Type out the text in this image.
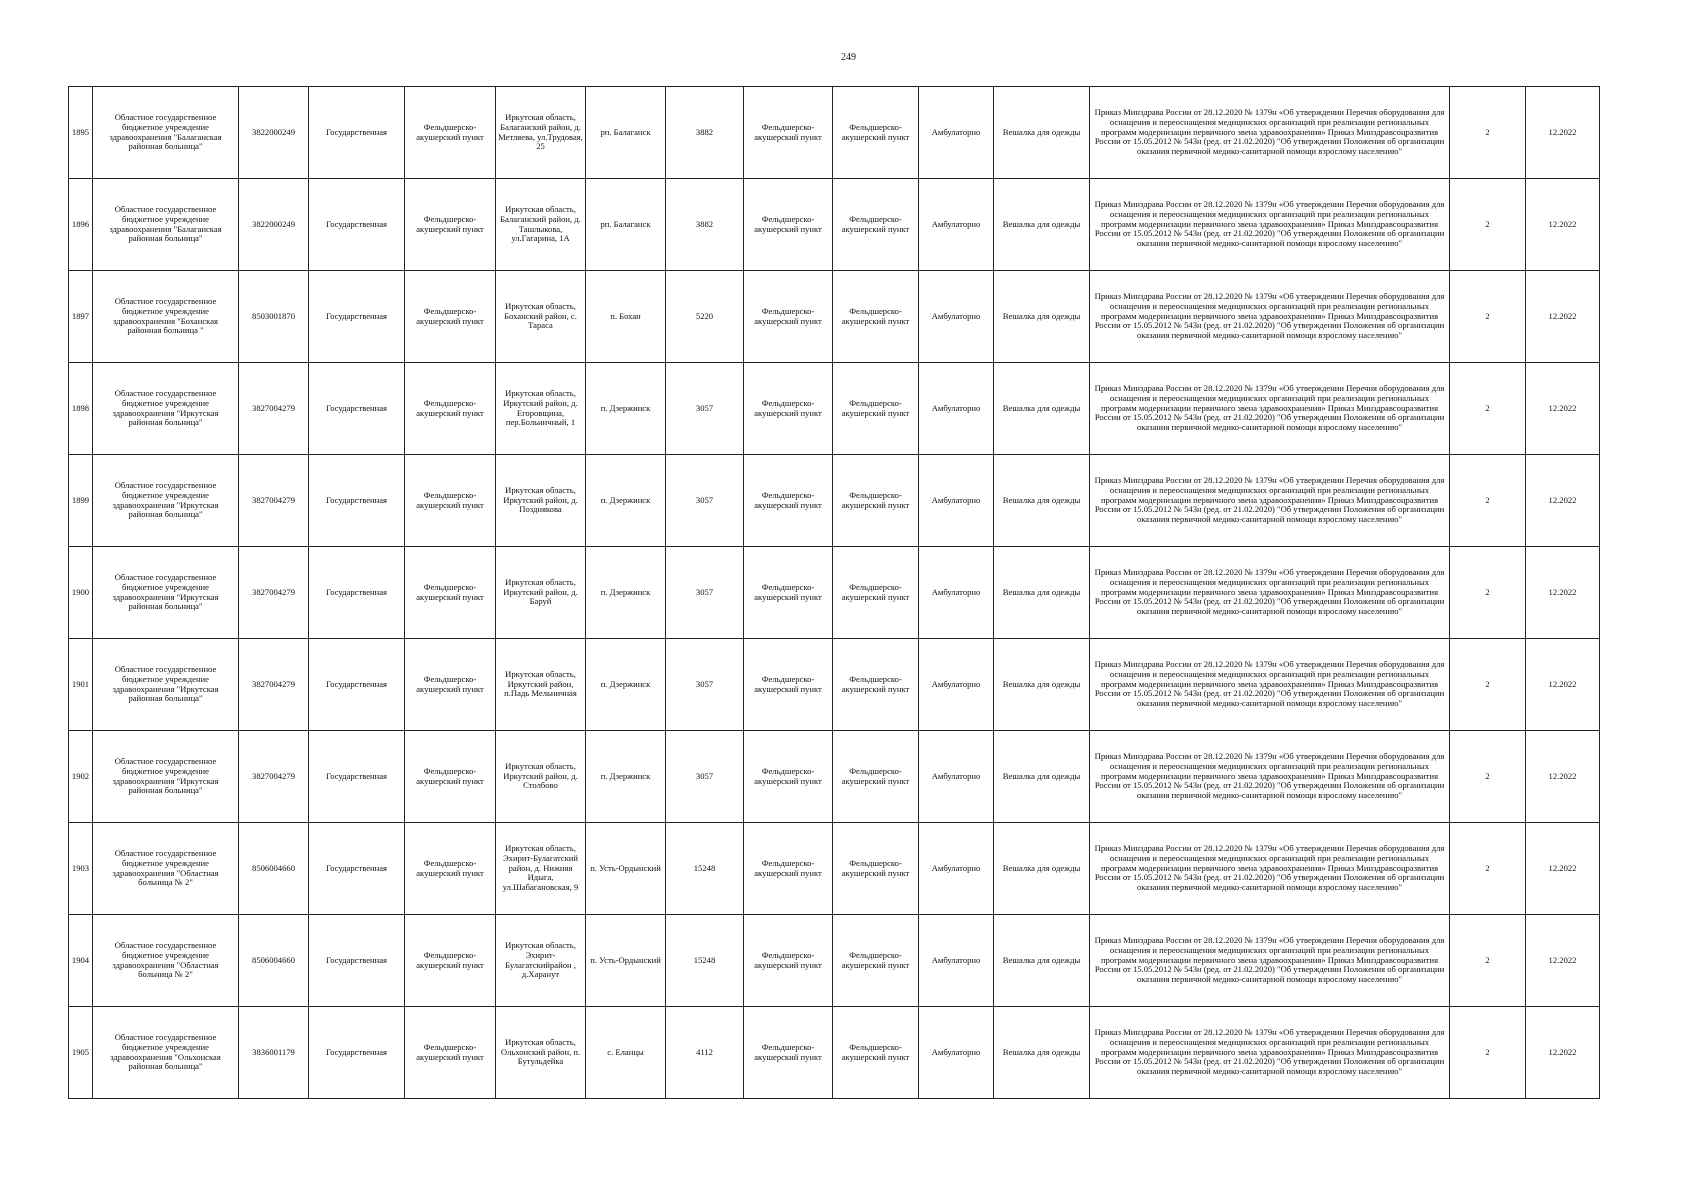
249
1895	Областное государственное бюджетное учреждение здравоохранения "Балаганская районная больница"	3822000249	Государственная	Фельдшерско-акушерский пункт	Иркутская область, Балаганский район, д. Метляева, ул.Трудовая, 25	рп. Балаганск	3882	Фельдшерско-акушерский пункт	Фельдшерско-акушерский пункт	Амбулаторно	Вешалка для одежды	Приказ Минздрава России от 28.12.2020 № 1379н «Об утверждении Перечня оборудования для оснащения и переоснащения медицинских организаций при реализации региональных программ модернизации первичного звена здравоохранения» Приказ Минздравсоцразвития России от 15.05.2012 № 543н (ред. от 21.02.2020) "Об утверждении Положения об организации оказания первичной медико-санитарной помощи взрослому населению"	2	12.2022
1896	Областное государственное бюджетное учреждение здравоохранения "Балаганская районная больница"	3822000249	Государственная	Фельдшерско-акушерский пункт	Иркутская область, Балаганский район, д. Ташлыкова, ул.Гагарина, 1А	рп. Балаганск	3882	Фельдшерско-акушерский пункт	Фельдшерско-акушерский пункт	Амбулаторно	Вешалка для одежды	Приказ Минздрава России от 28.12.2020 № 1379н «Об утверждении Перечня оборудования для оснащения и переоснащения медицинских организаций при реализации региональных программ модернизации первичного звена здравоохранения» Приказ Минздравсоцразвития России от 15.05.2012 № 543н (ред. от 21.02.2020) "Об утверждении Положения об организации оказания первичной медико-санитарной помощи взрослому населению"	2	12.2022
1897	Областное государственное бюджетное учреждение здравоохранения "Боханская районная больница "	8503001870	Государственная	Фельдшерско-акушерский пункт	Иркутская область, Боханский район, с. Тараса	п. Бохан	5220	Фельдшерско-акушерский пункт	Фельдшерско-акушерский пункт	Амбулаторно	Вешалка для одежды	Приказ Минздрава России от 28.12.2020 № 1379н «Об утверждении Перечня оборудования для оснащения и переоснащения медицинских организаций при реализации региональных программ модернизации первичного звена здравоохранения» Приказ Минздравсоцразвития России от 15.05.2012 № 543н (ред. от 21.02.2020) "Об утверждении Положения об организации оказания первичной медико-санитарной помощи взрослому населению"	2	12.2022
1898	Областное государственное бюджетное учреждение здравоохранения "Иркутская районная больница"	3827004279	Государственная	Фельдшерско-акушерский пункт	Иркутская область, Иркутский район, д. Егоровщина, пер.Больничный, 1	п. Дзержинск	3057	Фельдшерско-акушерский пункт	Фельдшерско-акушерский пункт	Амбулаторно	Вешалка для одежды	Приказ Минздрава России от 28.12.2020 № 1379н «Об утверждении Перечня оборудования для оснащения и переоснащения медицинских организаций при реализации региональных программ модернизации первичного звена здравоохранения» Приказ Минздравсоцразвития России от 15.05.2012 № 543н (ред. от 21.02.2020) "Об утверждении Положения об организации оказания первичной медико-санитарной помощи взрослому населению"	2	12.2022
1899	Областное государственное бюджетное учреждение здравоохранения "Иркутская районная больница"	3827004279	Государственная	Фельдшерско-акушерский пункт	Иркутская область, Иркутский район, д. Позднякова	п. Дзержинск	3057	Фельдшерско-акушерский пункт	Фельдшерско-акушерский пункт	Амбулаторно	Вешалка для одежды	Приказ Минздрава России от 28.12.2020 № 1379н «Об утверждении Перечня оборудования для оснащения и переоснащения медицинских организаций при реализации региональных программ модернизации первичного звена здравоохранения» Приказ Минздравсоцразвития России от 15.05.2012 № 543н (ред. от 21.02.2020) "Об утверждении Положения об организации оказания первичной медико-санитарной помощи взрослому населению"	2	12.2022
1900	Областное государственное бюджетное учреждение здравоохранения "Иркутская районная больница"	3827004279	Государственная	Фельдшерско-акушерский пункт	Иркутская область, Иркутский район, д. Баруй	п. Дзержинск	3057	Фельдшерско-акушерский пункт	Фельдшерско-акушерский пункт	Амбулаторно	Вешалка для одежды	Приказ Минздрава России от 28.12.2020 № 1379н «Об утверждении Перечня оборудования для оснащения и переоснащения медицинских организаций при реализации региональных программ модернизации первичного звена здравоохранения» Приказ Минздравсоцразвития России от 15.05.2012 № 543н (ред. от 21.02.2020) "Об утверждении Положения об организации оказания первичной медико-санитарной помощи взрослому населению"	2	12.2022
1901	Областное государственное бюджетное учреждение здравоохранения "Иркутская районная больница"	3827004279	Государственная	Фельдшерско-акушерский пункт	Иркутская область, Иркутский район, п.Падь Мельничная	п. Дзержинск	3057	Фельдшерско-акушерский пункт	Фельдшерско-акушерский пункт	Амбулаторно	Вешалка для одежды	Приказ Минздрава России от 28.12.2020 № 1379н «Об утверждении Перечня оборудования для оснащения и переоснащения медицинских организаций при реализации региональных программ модернизации первичного звена здравоохранения» Приказ Минздравсоцразвития России от 15.05.2012 № 543н (ред. от 21.02.2020) "Об утверждении Положения об организации оказания первичной медико-санитарной помощи взрослому населению"	2	12.2022
1902	Областное государственное бюджетное учреждение здравоохранения "Иркутская районная больница"	3827004279	Государственная	Фельдшерско-акушерский пункт	Иркутская область, Иркутский район, д. Столбово	п. Дзержинск	3057	Фельдшерско-акушерский пункт	Фельдшерско-акушерский пункт	Амбулаторно	Вешалка для одежды	Приказ Минздрава России от 28.12.2020 № 1379н «Об утверждении Перечня оборудования для оснащения и переоснащения медицинских организаций при реализации региональных программ модернизации первичного звена здравоохранения» Приказ Минздравсоцразвития России от 15.05.2012 № 543н (ред. от 21.02.2020) "Об утверждении Положения об организации оказания первичной медико-санитарной помощи взрослому населению"	2	12.2022
1903	Областное государственное бюджетное учреждение здравоохранения "Областная больница № 2"	8506004660	Государственная	Фельдшерско-акушерский пункт	Иркутская область, Эхирит-Булагатский район, д. Нижняя Идыга, ул.Шабагановская, 9	п. Усть-Ордынский	15248	Фельдшерско-акушерский пункт	Фельдшерско-акушерский пункт	Амбулаторно	Вешалка для одежды	Приказ Минздрава России от 28.12.2020 № 1379н «Об утверждении Перечня оборудования для оснащения и переоснащения медицинских организаций при реализации региональных программ модернизации первичного звена здравоохранения» Приказ Минздравсоцразвития России от 15.05.2012 № 543н (ред. от 21.02.2020) "Об утверждении Положения об организации оказания первичной медико-санитарной помощи взрослому населению"	2	12.2022
1904	Областное государственное бюджетное учреждение здравоохранения "Областная больница № 2"	8506004660	Государственная	Фельдшерско-акушерский пункт	Иркутская область, Эхирит-Булагатскийрайон , д.Харанут	п. Усть-Ордынский	15248	Фельдшерско-акушерский пункт	Фельдшерско-акушерский пункт	Амбулаторно	Вешалка для одежды	Приказ Минздрава России от 28.12.2020 № 1379н «Об утверждении Перечня оборудования для оснащения и переоснащения медицинских организаций при реализации региональных программ модернизации первичного звена здравоохранения» Приказ Минздравсоцразвития России от 15.05.2012 № 543н (ред. от 21.02.2020) "Об утверждении Положения об организации оказания первичной медико-санитарной помощи взрослому населению"	2	12.2022
1905	Областное государственное бюджетное учреждение здравоохранения "Ольхонская районная больница"	3836001179	Государственная	Фельдшерско-акушерский пункт	Иркутская область, Ольхонский район, п. Бутульдейка	с. Еланцы	4112	Фельдшерско-акушерский пункт	Фельдшерско-акушерский пункт	Амбулаторно	Вешалка для одежды	Приказ Минздрава России от 28.12.2020 № 1379н «Об утверждении Перечня оборудования для оснащения и переоснащения медицинских организаций при реализации региональных программ модернизации первичного звена здравоохранения» Приказ Минздравсоцразвития России от 15.05.2012 № 543н (ред. от 21.02.2020) "Об утверждении Положения об организации оказания первичной медико-санитарной помощи взрослому населению"	2	12.2022
